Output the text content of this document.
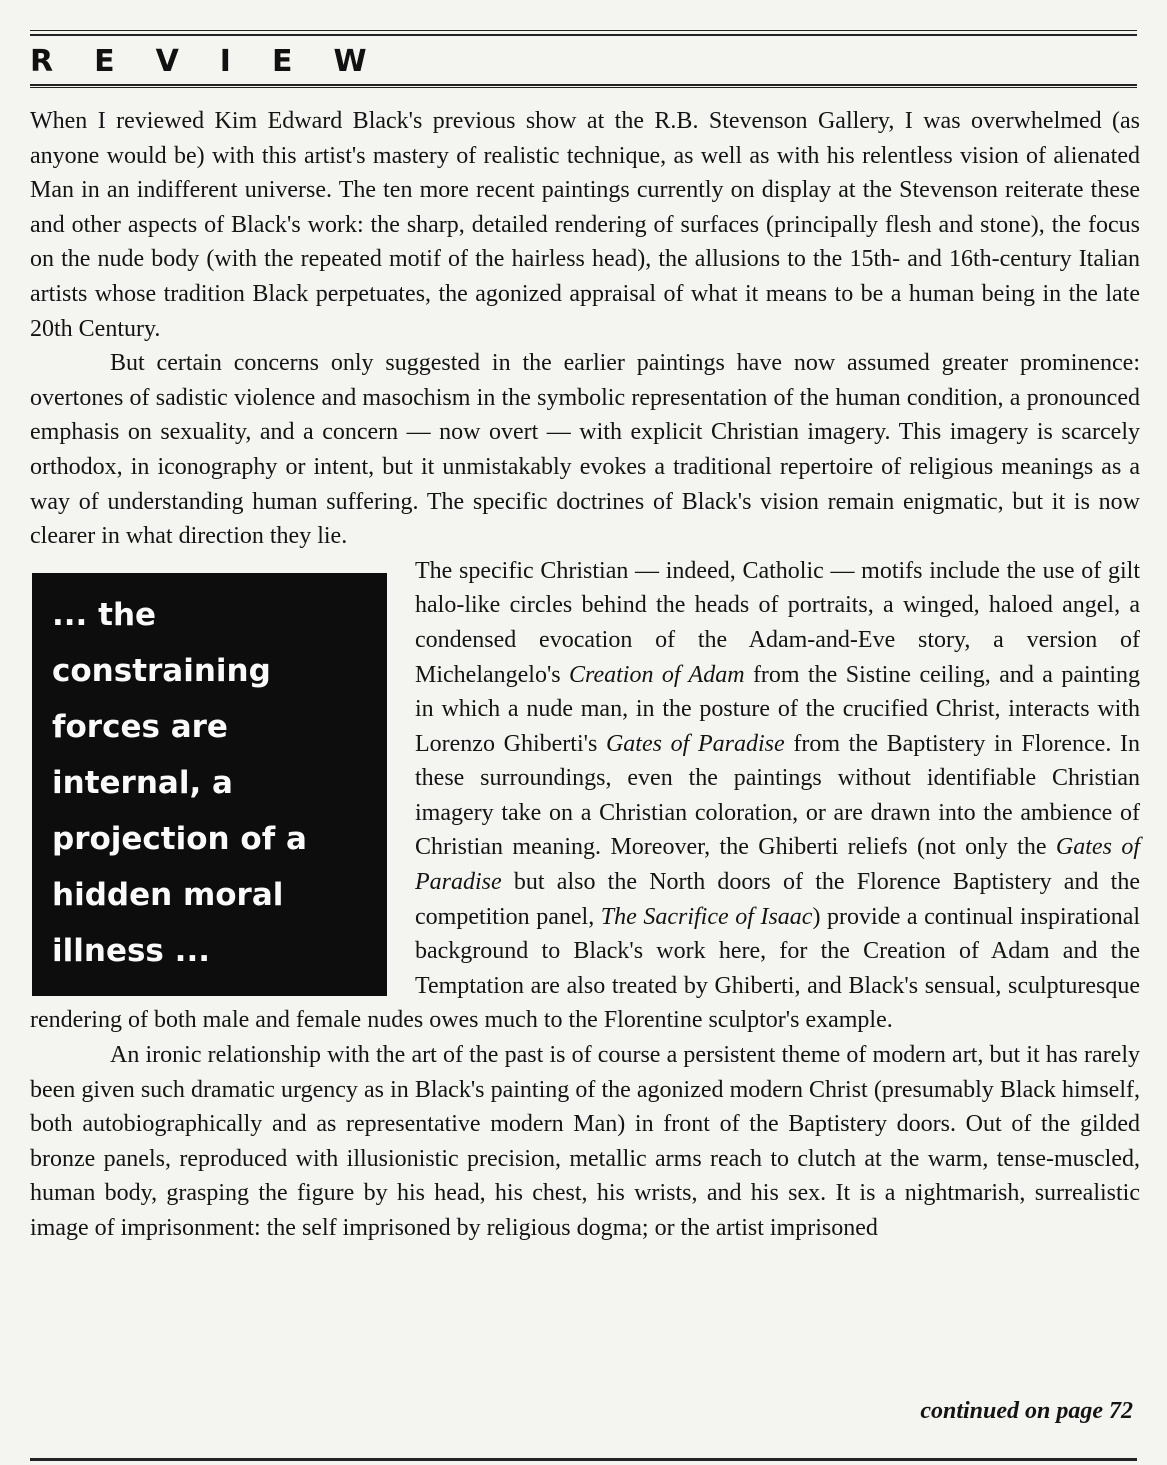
REVIEW

When I reviewed Kim Edward Black's previous show at the R.B. Stevenson Gallery, I was overwhelmed (as anyone would be) with this artist's mastery of realistic technique, as well as with his relentless vision of alienated Man in an indifferent universe. The ten more recent paintings currently on display at the Stevenson reiterate these and other aspects of Black's work: the sharp, detailed rendering of surfaces (principally flesh and stone), the focus on the nude body (with the repeated motif of the hairless head), the allusions to the 15th- and 16th-century Italian artists whose tradition Black perpetuates, the agonized appraisal of what it means to be a human being in the late 20th Century.

But certain concerns only suggested in the earlier paintings have now assumed greater prominence: overtones of sadistic violence and masochism in the symbolic representation of the human condition, a pronounced emphasis on sexuality, and a concern — now overt — with explicit Christian imagery. This imagery is scarcely orthodox, in iconography or intent, but it unmistakably evokes a traditional repertoire of religious meanings as a way of understanding human suffering. The specific doctrines of Black's vision remain enigmatic, but it is now clearer in what direction they lie.

... the constraining forces are internal, a projection of a hidden moral illness ...

The specific Christian — indeed, Catholic — motifs include the use of gilt halo-like circles behind the heads of portraits, a winged, haloed angel, a condensed evocation of the Adam-and-Eve story, a version of Michelangelo's Creation of Adam from the Sistine ceiling, and a painting in which a nude man, in the posture of the crucified Christ, interacts with Lorenzo Ghiberti's Gates of Paradise from the Baptistery in Florence. In these surroundings, even the paintings without identifiable Christian imagery take on a Christian coloration, or are drawn into the ambience of Christian meaning. Moreover, the Ghiberti reliefs (not only the Gates of Paradise but also the North doors of the Florence Baptistery and the competition panel, The Sacrifice of Isaac) provide a continual inspirational background to Black's work here, for the Creation of Adam and the Temptation are also treated by Ghiberti, and Black's sensual, sculpturesque rendering of both male and female nudes owes much to the Florentine sculptor's example.

An ironic relationship with the art of the past is of course a persistent theme of modern art, but it has rarely been given such dramatic urgency as in Black's painting of the agonized modern Christ (presumably Black himself, both autobiographically and as representative modern Man) in front of the Baptistery doors. Out of the gilded bronze panels, reproduced with illusionistic precision, metallic arms reach to clutch at the warm, tense-muscled, human body, grasping the figure by his head, his chest, his wrists, and his sex. It is a nightmarish, surrealistic image of imprisonment: the self imprisoned by religious dogma; or the artist imprisoned

continued on page 72
